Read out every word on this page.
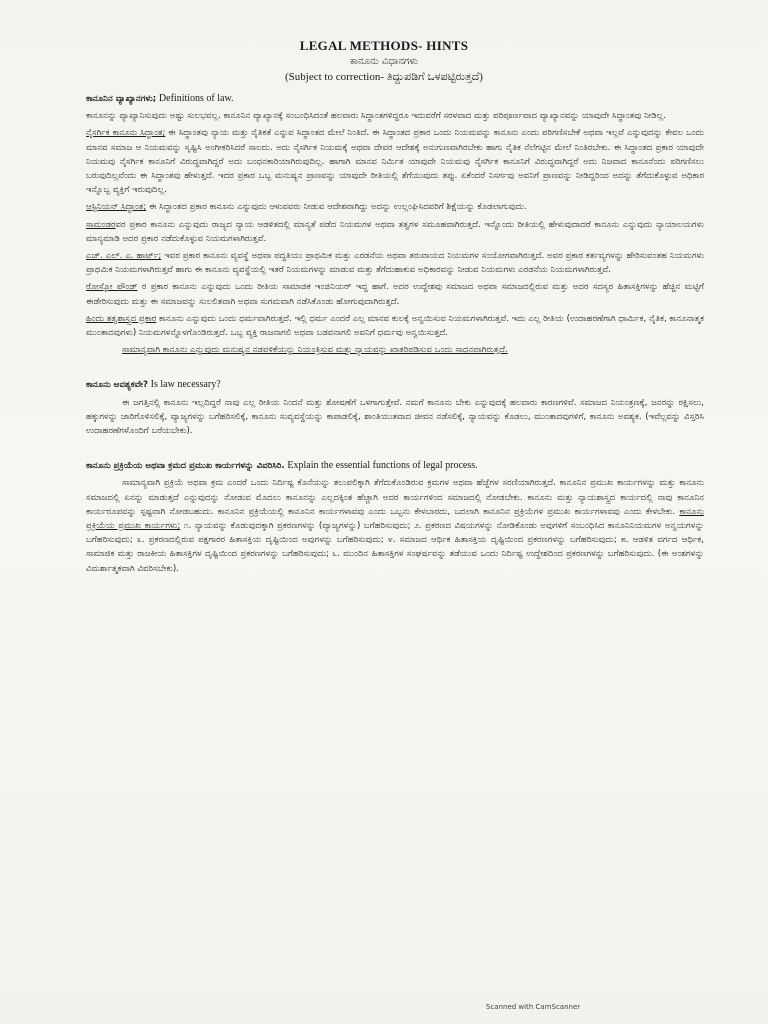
LEGAL METHODS- HINTS
ಕಾನೂನು ವಿಧಾನಗಳು
(Subject to correction- ತಿದ್ದುಪಡಿಗೆ ಒಳಪಟ್ಟಿರುತ್ತದೆ)

ಕಾನೂನಿನ ವ್ಯಾಖ್ಯಾನಗಳು; Definitions of law.

ಕಾನೂನನ್ನು ವ್ಯಾಖ್ಯಾನಿಸುವುದು ಅಷ್ಟು ಸುಲಭವಲ್ಲ. ಕಾನೂನಿನ ವ್ಯಾಖ್ಯಾನಕ್ಕೆ ಸಂಬಂಧಿಸಿದಂತೆ ಹಲವಾರು ಸಿದ್ಧಾಂತಗಳಿದ್ದರೂ ಇದುವರೆಗೆ ಸರಳವಾದ ಮತ್ತು ಪರಿಪೂರ್ಣವಾದ ವ್ಯಾಖ್ಯಾನವನ್ನು ಯಾವುದೇ ಸಿದ್ಧಾಂತವು ನೀಡಿಲ್ಲ.

ನೈಸರ್ಗಿಕ ಕಾನೂನು ಸಿದ್ಧಾಂತ; ಈ ಸಿದ್ಧಾಂತವು ನ್ಯಾಯ ಮತ್ತು ನೈತಿಕತೆ ಎನ್ನುವ ಸಿದ್ಧಾಂತದ ಮೇಲೆ ನಿಂತಿದೆ. ಈ ಸಿದ್ಧಾಂತದ ಪ್ರಕಾರ ಒಂದು ನಿಯಮವನ್ನು ಕಾನೂನು ಎಂದು ಪರಿಗಣಿಸಬೇಕೆ ಅಥವಾ ಇಲ್ಲವೆ ಎನ್ನುವುದನ್ನು ಕೇವಲ ಒಂದು ಮಾನವ ಸಮಾಜ ಆ ನಿಯಮವನ್ನು ಸೃಷ್ಟಿಸಿ ಅಂಗೀಕರಿಸಿದರೆ ಸಾಲದು. ಅದು ನೈಸರ್ಗಿಕ ನಿಯಮಕ್ಕೆ ಅಥವಾ ದೇವರ ಆದೇಶಕ್ಕೆ ಅನುಗುಣವಾಗಿರಬೇಕು ಹಾಗು ನೈತಿಕ ನೆಲೆಗಟ್ಟಿನ ಮೇಲೆ ನಿಂತಿರಬೇಕು. ಈ ಸಿದ್ಧಾಂತದ ಪ್ರಕಾರ ಯಾವುದೇ ನಿಯಮವು ನೈಸರ್ಗಿಕ ಕಾನೂನಿಗೆ ವಿರುದ್ಧವಾಗಿದ್ದರೆ ಅದು ಬಂಧನಕಾರಿಯಾಗಿರುವುದಿಲ್ಲ. ಹಾಗಾಗಿ ಮಾನವ ನಿರ್ಮಿತ ಯಾವುದೇ ನಿಯಮವು ನೈಸರ್ಗಿಕ ಕಾನೂನಿಗೆ ವಿರುದ್ಧವಾಗಿದ್ದರೆ ಅದು ನಿಜವಾದ ಕಾನೂನೆಂದು ಪರಿಗಣಿಸಲು ಬರುವುದಿಲ್ಲವೆಂದು ಈ ಸಿದ್ಧಾಂತವು ಹೇಳುತ್ತದೆ. ಇದರ ಪ್ರಕಾರ ಒಬ್ಬ ಮನುಷ್ಯನ ಪ್ರಾಣವನ್ನು ಯಾವುದೇ ರೀತಿಯಲ್ಲಿ ತೆಗೆಯುವುದು ತಪ್ಪು. ಏಕೆಂದರೆ ನಿಸರ್ಗವು ಅವನಿಗೆ ಪ್ರಾಣವನ್ನು ನೀಡಿದ್ದರಿಂದ ಅದನ್ನು ತೆಗೆದುಕೊಳ್ಳುವ ಅಧಿಕಾರ ಇನ್ನೊಬ್ಬ ವ್ಯಕ್ತಿಗೆ ಇರುವುದಿಲ್ಲ.

ಆಸ್ಟಿನಿಯನ್ ಸಿದ್ಧಾಂತ; ಈ ಸಿದ್ಧಾಂತದ ಪ್ರಕಾರ ಕಾನೂನು ಎನ್ನುವುದು ಆಳುವವರು ನೀಡುವ ಆದೇಶವಾಗಿದ್ದು ಅದನ್ನು ಉಲ್ಲಂಘಿಸಿದವರಿಗೆ ಶಿಕ್ಷೆಯನ್ನು ಕೊಡಲಾಗುವುದು.

ಸಾಮಂಡರವರ ಪ್ರಕಾರ ಕಾನೂನು ಎನ್ನುವುದು ರಾಜ್ಯದ ನ್ಯಾಯ ಆಡಳಿತದಲ್ಲಿ ಮಾನ್ಯತೆ ಪಡೆದ ನಿಯಮಗಳ ಅಥವಾ ತತ್ವಗಳ ಸಮೂಹವಾಗಿರುತ್ತದೆ. ಇನ್ನೊಂದು ರೀತಿಯಲ್ಲಿ ಹೇಳುವುದಾದರೆ ಕಾನೂನು ಎನ್ನುವುದು ನ್ಯಾಯಾಲಯಗಳು ಮಾನ್ಯಮಾಡಿ ಅದರ ಪ್ರಕಾರ ನಡೆದುಕೊಳ್ಳುವ ನಿಯಮಗಳಾಗಿರುತ್ತವೆ.

ಎಚ್. ಎಲ್. ಎ. ಹಾರ್ಟ್; ಇವರ ಪ್ರಕಾರ ಕಾನೂನು ವ್ಯವಸ್ಥೆ ಅಥವಾ ಪದ್ಧತಿಯು ಪ್ರಾಥಮಿಕ ಮತ್ತು ಎರಡನೆಯ ಅಥವಾ ತರುವಾಯದ ನಿಯಮಗಳ ಸಂಯೋಗವಾಗಿರುತ್ತದೆ. ಅವರ ಪ್ರಕಾರ ಕರ್ತವ್ಯಗಳನ್ನು ಹೇರಿಸುವಂತಹ ನಿಯಮಗಳು ಪ್ರಾಥಮಿಕ ನಿಯಮಗಳಾಗಿರುತ್ತವೆ ಹಾಗು ಈ ಕಾನೂನು ವ್ಯವಸ್ಥೆಯಲ್ಲಿ ಇತರೆ ನಿಯಮಗಳನ್ನು ಮಾಡುವ ಮತ್ತು ತೆಗೆದುಹಾಕುವ ಅಧಿಕಾರವನ್ನು ನೀಡುವ ನಿಯಮಗಳು ಎರಡನೆಯ ನಿಯಮಗಳಾಗಿರುತ್ತವೆ.

ರೋಸ್ಕೋ ಪೌಂಡ್ ರ ಪ್ರಕಾರ ಕಾನೂನು ಎನ್ನುವುದು ಒಂದು ರೀತಿಯ ಸಾಮಾಜಿಕ ಇಂಜಿನಿಯರ್ ಇದ್ದ ಹಾಗೆ. ಅದರ ಉದ್ದೇಶವು ಸಮಾಜದ ಅಥವಾ ಸಮಾಜದಲ್ಲಿರುವ ಮತ್ತು ಅದರ ಸದಸ್ಯರ ಹಿತಾಸಕ್ತಿಗಳನ್ನು ಹೆಚ್ಚಿನ ಮಟ್ಟಿಗೆ ಈಡೇರಿಸುವುದು ಮತ್ತು ಈ ಸಮಾಜವನ್ನು ಸುಲಲಿತವಾಗಿ ಅಥವಾ ಸುಗಮವಾಗಿ ನಡೆಸಿಕೊಂಡು ಹೋಗುವುದಾಗಿರುತ್ತದೆ.

ಹಿಂದು ತತ್ವಶಾಸ್ತ್ರದ ಪ್ರಕಾರ ಕಾನೂನು ಎನ್ನುವುದು ಒಂದು ಧರ್ಮವಾಗಿರುತ್ತದೆ. ಇಲ್ಲಿ ಧರ್ಮ ಎಂದರೆ ಎಲ್ಲ ಮಾನವ ಕುಲಕ್ಕೆ ಅನ್ವಯಿಸುವ ನಿಯಮಗಳಾಗಿರುತ್ತವೆ. ಇದು ಎಲ್ಲ ರೀತಿಯ (ಉದಾಹರಣೆಗಾಗಿ ಧಾರ್ಮಿಕ, ನೈತಿಕ, ಕಾನೂನಾತ್ಮಕ ಮುಂತಾದವುಗಳು) ನಿಯಮಗಳನ್ನೊಳಗೊಂಡಿರುತ್ತದೆ. ಒಬ್ಬ ವ್ಯಕ್ತಿ ರಾಜನಾಗಲಿ ಅಥವಾ ಬಡವನಾಗಲಿ ಅವನಿಗೆ ಧರ್ಮವು ಅನ್ವಯಿಸುತ್ತದೆ.

ಸಾಮಾನ್ಯವಾಗಿ ಕಾನೂನು ಎನ್ನುವುದು ಮನುಷ್ಯನ ನಡವಳಿಕೆಯನ್ನು ನಿಯಂತ್ರಿಸುವ ಮತ್ತು ನ್ಯಾಯವನ್ನು ಖಾತರಿಪಡಿಸುವ ಒಂದು ಸಾಧನವಾಗಿರುತ್ತದೆ.

ಕಾನೂನು ಅವಶ್ಯಕವೇ? Is law necessary?

ಈ ಜಗತ್ತಿನಲ್ಲಿ ಕಾನೂನು ಇಲ್ಲದಿದ್ದರೆ ನಾವು ಎಲ್ಲ ರೀತಿಯ ನಿಂದನೆ ಮತ್ತು ಶೋಷಣೆಗೆ ಒಳಗಾಗುತ್ತೇವೆ. ನಮಗೆ ಕಾನೂನು ಬೇಕು ಎನ್ನುವುದಕ್ಕೆ ಹಲವಾರು ಕಾರಣಗಳಿವೆ. ಸಮಾಜದ ನಿಯಂತ್ರಣಕ್ಕೆ, ಜನರನ್ನು ರಕ್ಷಿಸಲು, ಹಕ್ಕುಗಳನ್ನು ಜಾರಿಗೊಳಿಸಲಿಕ್ಕೆ, ವ್ಯಾಜ್ಯಗಳನ್ನು ಬಗೆಹರಿಸಲಿಕ್ಕೆ, ಕಾನೂನು ಸುವ್ಯವಸ್ಥೆಯನ್ನು ಕಾಪಾಡಲಿಕ್ಕೆ, ಶಾಂತಿಯುತವಾದ ಜೀವನ ನಡೆಸಲಿಕ್ಕೆ, ನ್ಯಾಯವನ್ನು ಕೊಡಲು, ಮುಂತಾದವುಗಳಿಗೆ, ಕಾನೂನು ಅವಶ್ಯಕ. (ಇವೆಲ್ಲವನ್ನು ವಿಸ್ತರಿಸಿ ಉದಾಹರಣೆಗಳೊಂದಿಗೆ ಬರೆಯಬೇಕು).

ಕಾನೂನು ಪ್ರಕ್ರಿಯೆಯ ಅಥವಾ ಕ್ರಮದ ಪ್ರಮುಖ ಕಾರ್ಯಗಳನ್ನು ವಿವರಿಸಿರಿ. Explain the essential functions of legal process.

ಸಾಮಾನ್ಯವಾಗಿ ಪ್ರಕ್ರಿಯೆ ಅಥವಾ ಕ್ರಮ ಎಂದರೆ ಒಂದು ನಿರ್ದಿಷ್ಟ ಕೊನೆಯನ್ನು ತಲುಪಲಿಕ್ಕಾಗಿ ತೆಗೆದುಕೊಂಡಿರುವ ಕ್ರಮಗಳ ಅಥವಾ ಹೆಜ್ಜೆಗಳ ಸರಣಿಯಾಗಿರುತ್ತದೆ. ಕಾನೂನಿನ ಪ್ರಮುಖ ಕಾರ್ಯಗಳನ್ನು ಮತ್ತು ಕಾನೂನು ಸಮಾಜದಲ್ಲಿ ಏನನ್ನು ಮಾಡುತ್ತದೆ ಎನ್ನುವುದನ್ನು ನೋಡುವ ಮೊದಲು ಕಾನೂನನ್ನು ಎಲ್ಲದಕ್ಕಿಂತ ಹೆಚ್ಚಾಗಿ ಅದರ ಕಾರ್ಯಗಳಿಂದ ಸಮಾಜದಲ್ಲಿ ನೋಡಬೇಕು. ಕಾನೂನು ಮತ್ತು ನ್ಯಾಯಶಾಸ್ತ್ರದ ಕಾರ್ಯದಲ್ಲಿ ನಾವು ಕಾನೂನಿನ ಕಾರ್ಯರೂಪವನ್ನು ಸ್ಪಷ್ಟವಾಗಿ ನೋಡಬಹುದು. ಕಾನೂನಿನ ಪ್ರಕ್ರಿಯೆಯಲ್ಲಿ ಕಾನೂನಿನ ಕಾರ್ಯಗಳಾವವು ಎಂದು ಒಬ್ಬನು ಕೇಳಬಾರದು, ಬದಲಾಗಿ ಕಾನೂನಿನ ಪ್ರಕ್ರಿಯೆಗಳ ಪ್ರಮುಖ ಕಾರ್ಯಗಳಾವವು ಎಂದು ಕೇಳಬೇಕು. ಕಾನೂನು ಪ್ರಕ್ರಿಯೆಯ ಪ್ರಮುಖ ಕಾರ್ಯಗಳು; ೧. ನ್ಯಾಯವನ್ನು ಕೊಡುವುದಕ್ಕಾಗಿ ಪ್ರಕರಣಗಳನ್ನು (ವ್ಯಾಜ್ಯಗಳನ್ನು) ಬಗೆಹರಿಸುವುದು; ೨. ಪ್ರಕರಣದ ವಿಷಯಗಳನ್ನು ನೋಡಿಕೊಂಡು ಅವುಗಳಿಗೆ ಸಂಬಂಧಿಸಿದ ಕಾನೂನಿನಿಯಮಗಳ ಅನ್ವಯಗಳನ್ನು ಬಗೆಹರಿಸುವುದು; ೩. ಪ್ರಕರಣದಲ್ಲಿರುವ ಪಕ್ಷಗಾರರ ಹಿತಾಸಕ್ತಿಯ ದೃಷ್ಟಿಯಿಂದ ಅವುಗಳನ್ನು ಬಗೆಹರಿಸುವುದು; ೪. ಸಮಾಜದ ಆರ್ಥಿಕ ಹಿತಾಸಕ್ತಿಯ ದೃಷ್ಟಿಯಿಂದ ಪ್ರಕರಣಗಳನ್ನು ಬಗೆಹರಿಸುವುದು; ೫. ಆಡಳಿತ ವರ್ಗದ ಆರ್ಥಿಕ, ಸಾಮಾಜಿಕ ಮತ್ತು ರಾಜಕೀಯ ಹಿತಾಸಕ್ತಿಗಳ ದೃಷ್ಟಿಯಿಂದ ಪ್ರಕರಣಗಳನ್ನು ಬಗೆಹರಿಸುವುದು; ೬. ಮುಂದಿನ ಹಿತಾಸಕ್ತಿಗಳ ಸಂಘರ್ಷವನ್ನು ತಡೆಯುವ ಒಂದು ನಿರ್ದಿಷ್ಟ ಉದ್ದೇಶದಿಂದ ಪ್ರಕರಣಗಳನ್ನು ಬಗೆಹರಿಸುವುದು. (ಈ ಅಂಶಗಳನ್ನು ವಿಮರ್ಶಾತ್ಮಕವಾಗಿ ವಿವರಿಸಬೇಕು).

Scanned with CamScanner
